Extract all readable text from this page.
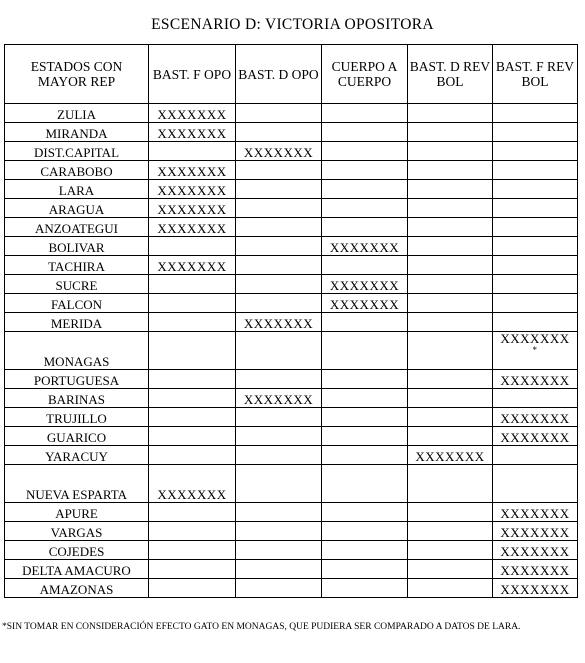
ESCENARIO D: VICTORIA OPOSITORA
ESTADOS CON MAYOR REP	BAST. F OPO	BAST. D OPO	CUERPO A CUERPO	BAST. D REV BOL	BAST. F REV BOL
ZULIA	XXXXXXX				
MIRANDA	XXXXXXX				
DIST.CAPITAL		XXXXXXX			
CARABOBO	XXXXXXX				
LARA	XXXXXXX				
ARAGUA	XXXXXXX				
ANZOATEGUI	XXXXXXX				
BOLIVAR			XXXXXXX		
TACHIRA	XXXXXXX				
SUCRE			XXXXXXX		
FALCON			XXXXXXX		
MERIDA		XXXXXXX			
MONAGAS					XXXXXXX
*

PORTUGUESA					XXXXXXX
BARINAS		XXXXXXX			
TRUJILLO					XXXXXXX
GUARICO					XXXXXXX
YARACUY				XXXXXXX	
NUEVA ESPARTA	XXXXXXX				
APURE					XXXXXXX
VARGAS					XXXXXXX
COJEDES					XXXXXXX
DELTA AMACURO					XXXXXXX
AMAZONAS					XXXXXXX
*SIN TOMAR EN CONSIDERACIÓN EFECTO GATO EN MONAGAS, QUE PUDIERA SER COMPARADO A DATOS DE LARA.
